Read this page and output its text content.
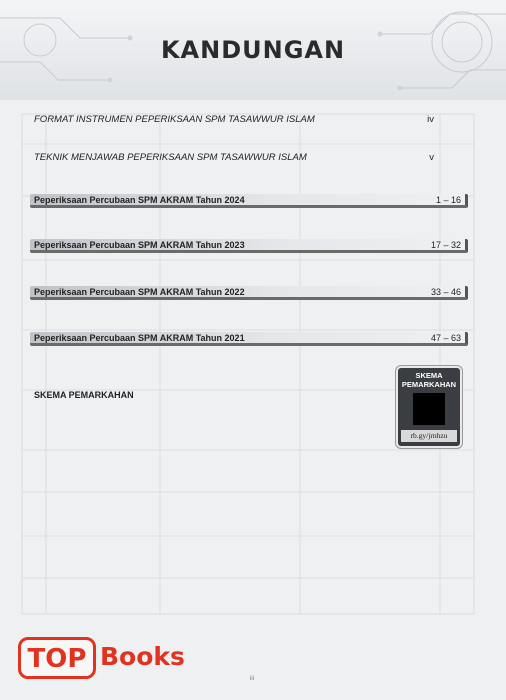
KANDUNGAN
FORMAT INSTRUMEN PEPERIKSAAN SPM TASAWWUR ISLAM	iv
TEKNIK MENJAWAB PEPERIKSAAN SPM TASAWWUR ISLAM	v
Peperiksaan Percubaan SPM AKRAM Tahun 2024	1 – 16
Peperiksaan Percubaan SPM AKRAM Tahun 2023	17 – 32
Peperiksaan Percubaan SPM AKRAM Tahun 2022	33 – 46
Peperiksaan Percubaan SPM AKRAM Tahun 2021	47 – 63
SKEMA PEMARKAHAN
SKEMA PEMARKAHAN
rb.gy/jrnhzu
TOP Books
iii
